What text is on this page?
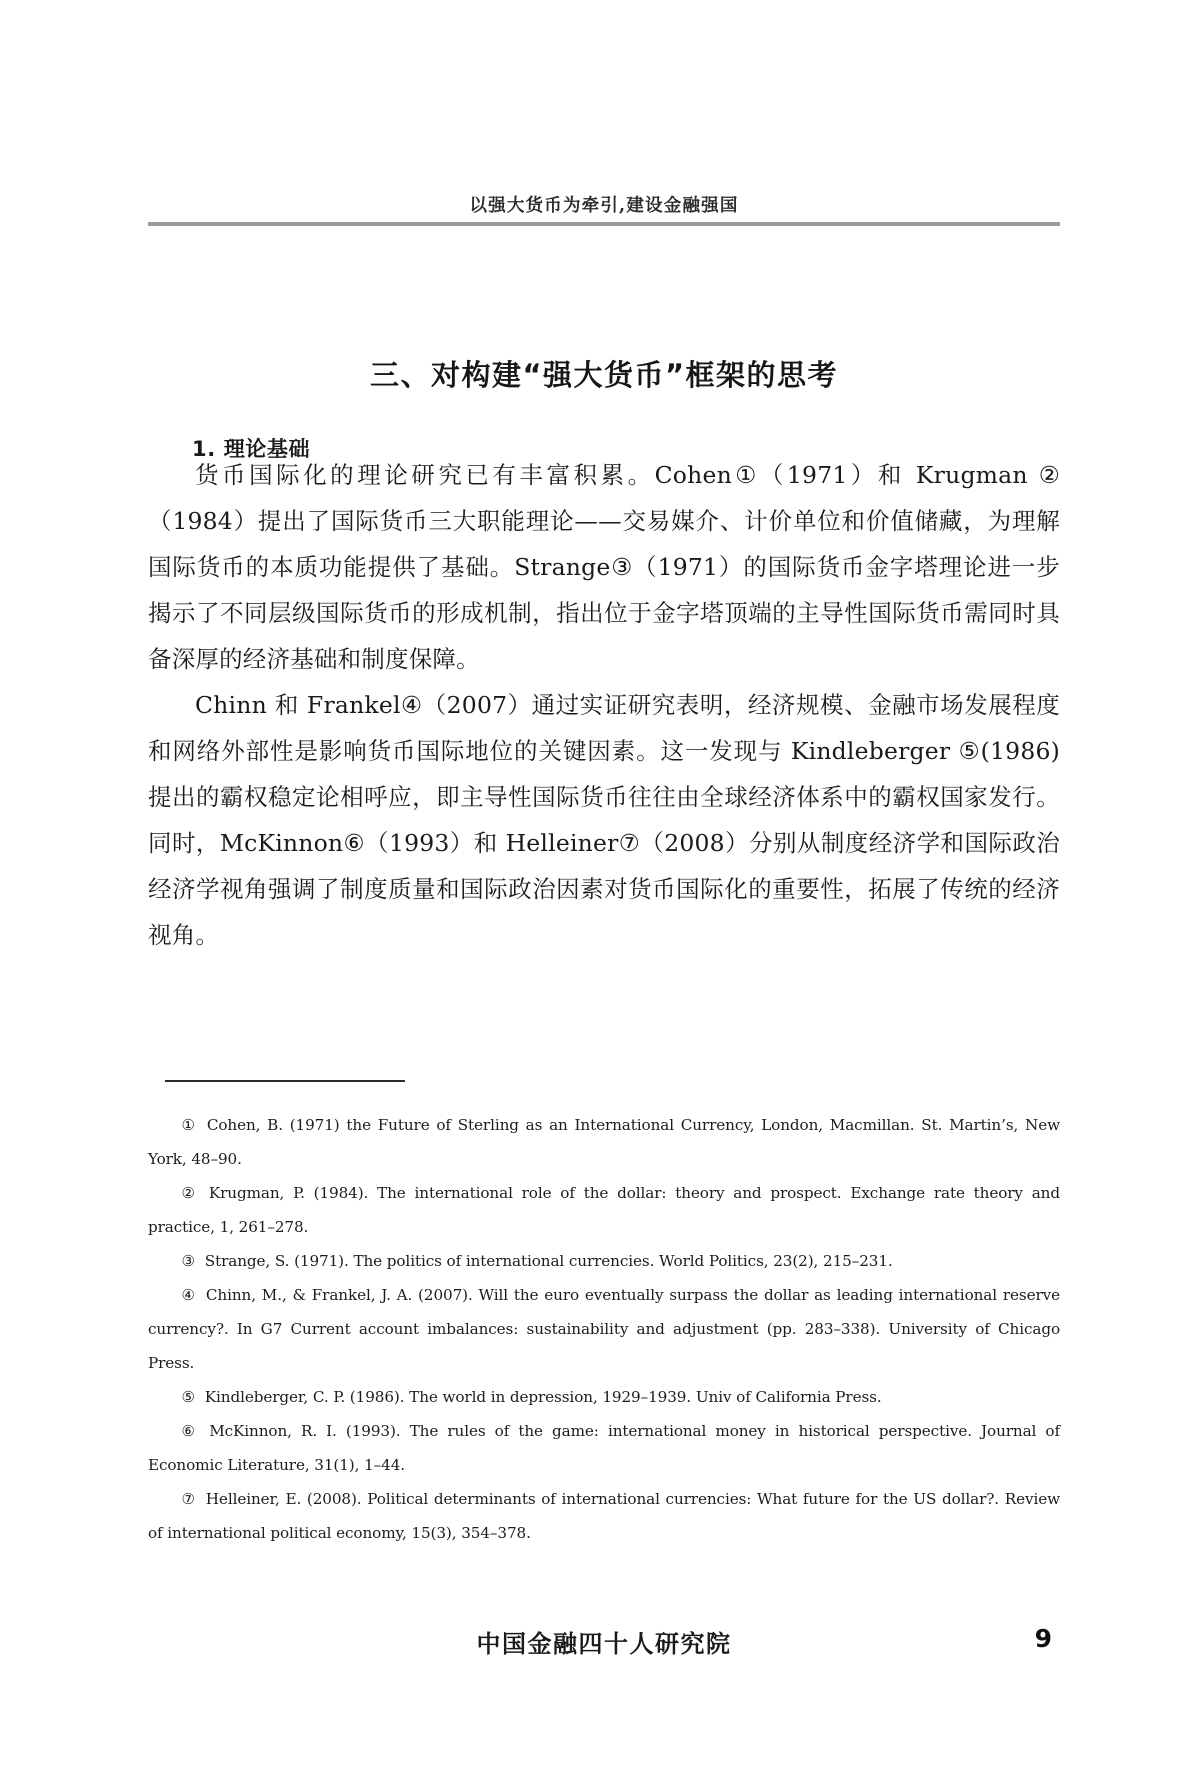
以强大货币为牵引,建设金融强国
三、对构建“强大货币”框架的思考
1. 理论基础

货币国际化的理论研究已有丰富积累。Cohen①（1971）和 Krugman ②（1984）提出了国际货币三大职能理论——交易媒介、计价单位和价值储藏，为理解国际货币的本质功能提供了基础。Strange③（1971）的国际货币金字塔理论进一步揭示了不同层级国际货币的形成机制，指出位于金字塔顶端的主导性国际货币需同时具备深厚的经济基础和制度保障。

Chinn 和 Frankel④（2007）通过实证研究表明，经济规模、金融市场发展程度和网络外部性是影响货币国际地位的关键因素。这一发现与 Kindleberger ⑤(1986)提出的霸权稳定论相呼应，即主导性国际货币往往由全球经济体系中的霸权国家发行。同时，McKinnon⑥（1993）和 Helleiner⑦（2008）分别从制度经济学和国际政治经济学视角强调了制度质量和国际政治因素对货币国际化的重要性，拓展了传统的经济视角。

① Cohen, B. (1971) the Future of Sterling as an International Currency, London, Macmillan. St. Martin’s, New York, 48–90.

② Krugman, P. (1984). The international role of the dollar: theory and prospect. Exchange rate theory and practice, 1, 261–278.

③ Strange, S. (1971). The politics of international currencies. World Politics, 23(2), 215–231.

④ Chinn, M., & Frankel, J. A. (2007). Will the euro eventually surpass the dollar as leading international reserve currency?. In G7 Current account imbalances: sustainability and adjustment (pp. 283–338). University of Chicago Press.

⑤ Kindleberger, C. P. (1986). The world in depression, 1929–1939. Univ of California Press.

⑥ McKinnon, R. I. (1993). The rules of the game: international money in historical perspective. Journal of Economic Literature, 31(1), 1–44.

⑦ Helleiner, E. (2008). Political determinants of international currencies: What future for the US dollar?. Review of international political economy, 15(3), 354–378.

中国金融四十人研究院	9
